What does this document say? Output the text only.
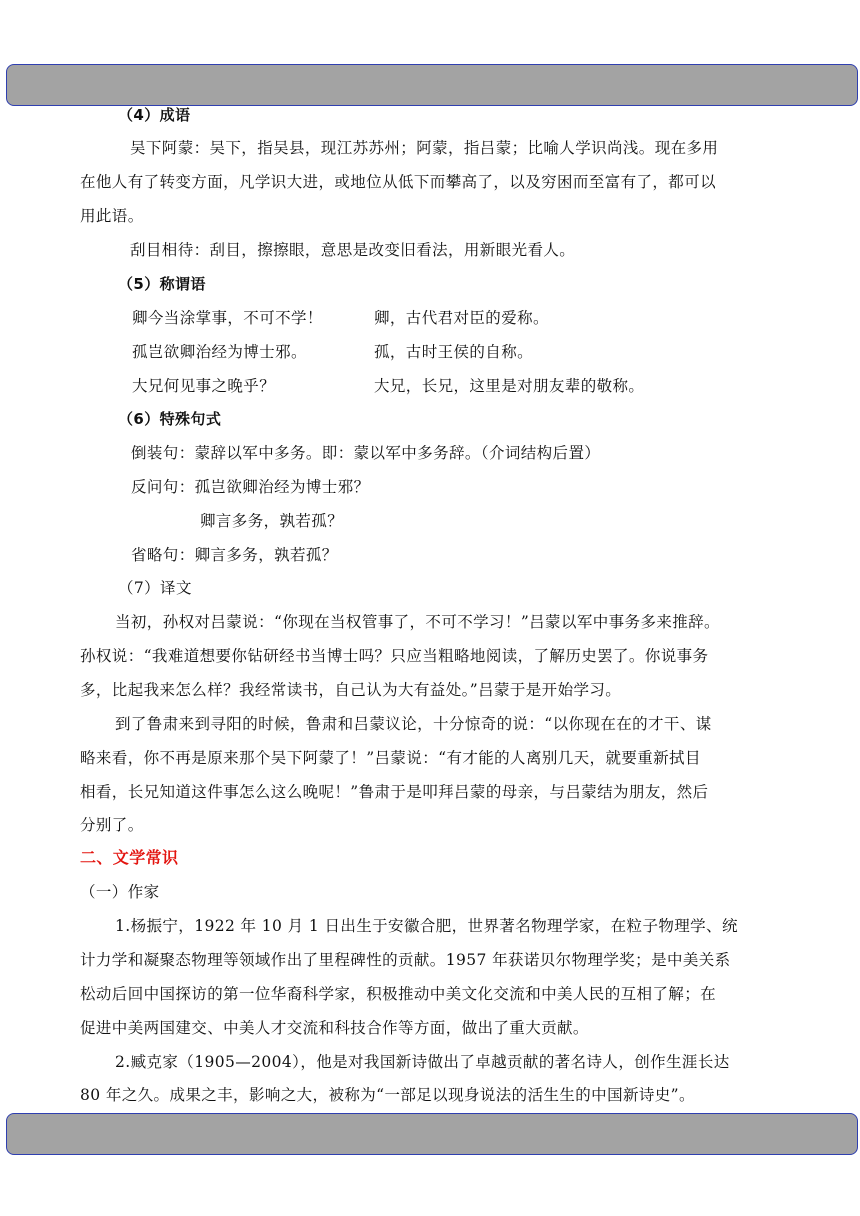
（4）成语
吴下阿蒙：吴下，指吴县，现江苏苏州；阿蒙，指吕蒙；比喻人学识尚浅。现在多用
在他人有了转变方面，凡学识大进，或地位从低下而攀高了，以及穷困而至富有了，都可以
用此语。
刮目相待：刮目，擦擦眼，意思是改变旧看法，用新眼光看人。
（5）称谓语
卿今当涂掌事，不可不学！	卿，古代君对臣的爱称。
孤岂欲卿治经为博士邪。	孤，古时王侯的自称。
大兄何见事之晚乎？	大兄，长兄，这里是对朋友辈的敬称。
（6）特殊句式
倒装句：蒙辞以军中多务。即：蒙以军中多务辞。（介词结构后置）
反问句：孤岂欲卿治经为博士邪？
卿言多务，孰若孤？
省略句：卿言多务，孰若孤？
（7）译文
当初，孙权对吕蒙说：“你现在当权管事了，不可不学习！”吕蒙以军中事务多来推辞。
孙权说：“我难道想要你钻研经书当博士吗？只应当粗略地阅读，了解历史罢了。你说事务
多，比起我来怎么样？我经常读书，自己认为大有益处。”吕蒙于是开始学习。
到了鲁肃来到寻阳的时候，鲁肃和吕蒙议论，十分惊奇的说：“以你现在在的才干、谋
略来看，你不再是原来那个吴下阿蒙了！”吕蒙说：“有才能的人离别几天，就要重新拭目
相看，长兄知道这件事怎么这么晚呢！”鲁肃于是叩拜吕蒙的母亲，与吕蒙结为朋友，然后
分别了。
二、文学常识
（一）作家
1.杨振宁，1922 年 10 月 1 日出生于安徽合肥，世界著名物理学家，在粒子物理学、统
计力学和凝聚态物理等领域作出了里程碑性的贡献。1957 年获诺贝尔物理学奖；是中美关系
松动后回中国探访的第一位华裔科学家，积极推动中美文化交流和中美人民的互相了解；在
促进中美两国建交、中美人才交流和科技合作等方面，做出了重大贡献。
2.臧克家（1905—2004），他是对我国新诗做出了卓越贡献的著名诗人，创作生涯长达
80 年之久。成果之丰，影响之大，被称为“一部足以现身说法的活生生的中国新诗史”。
